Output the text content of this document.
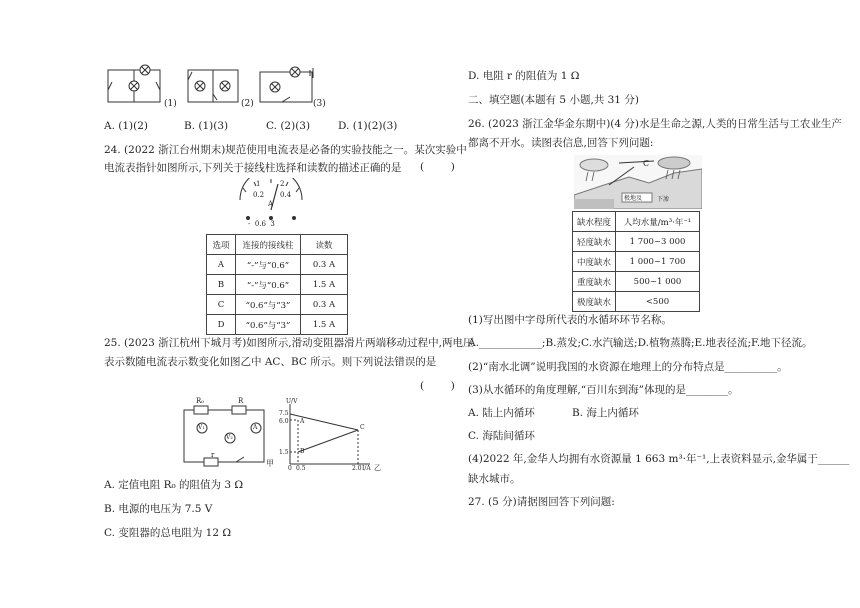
(1)	(2)	(3)
A. (1)(2)	B. (1)(3)	C. (2)(3)	D. (1)(2)(3)
24. (2022 浙江台州期末)规范使用电流表是必备的实验技能之一。某次实验中
电流表指针如图所示,下列关于接线柱选择和读数的描述正确的是 (        )
1	2
0.2 0.4
A
-  0.6  3
选项	连接的接线柱	读数
A	“-”与“0.6”	0.3 A
B	“-”与“0.6”	1.5 A
C	“0.6”与“3”	0.3 A
D	“0.6”与“3”	1.5 A
25. (2023 浙江杭州下城月考)如图所示,滑动变阻器滑片两端移动过程中,两电压
表示数随电流表示数变化如图乙中 AC、BC 所示。则下列说法错误的是
(        )
R₀	R
V₁
V₂
A
r
甲
U/V
7.5
6.0
1.5
0 0.5	2.0 I/A 乙
A
B
C
A. 定值电阻 R₀ 的阻值为 3 Ω
B. 电源的电压为 7.5 V
C. 变阻器的总电阻为 12 Ω
D. 电阻 r 的阻值为 1 Ω
二、填空题(本题有 5 小题,共 31 分)
26. (2023 浙江金华金东期中)(4 分)水是生命之源,人类的日常生活与工农业生产
都离不开水。读图表信息,回答下列问题:
C
极地及 下渗
缺水程度	人均水量/m³·年⁻¹
轻度缺水	1 700~3 000
中度缺水	1 000~1 700
重度缺水	500~1 000
极度缺水	<500
(1)写出图中字母所代表的水循环环节名称。
A.____________;B.蒸发;C.水汽输送;D.植物蒸腾;E.地表径流;F.地下径流。
(2)“南水北调”说明我国的水资源在地理上的分布特点是__________。
(3)从水循环的角度理解,“百川东到海”体现的是________。
A. 陆上内循环	B. 海上内循环
C. 海陆间循环
(4)2022 年,金华人均拥有水资源量 1 663 m³·年⁻¹,上表资料显示,金华属于______
缺水城市。
27. (5 分)请据图回答下列问题:
